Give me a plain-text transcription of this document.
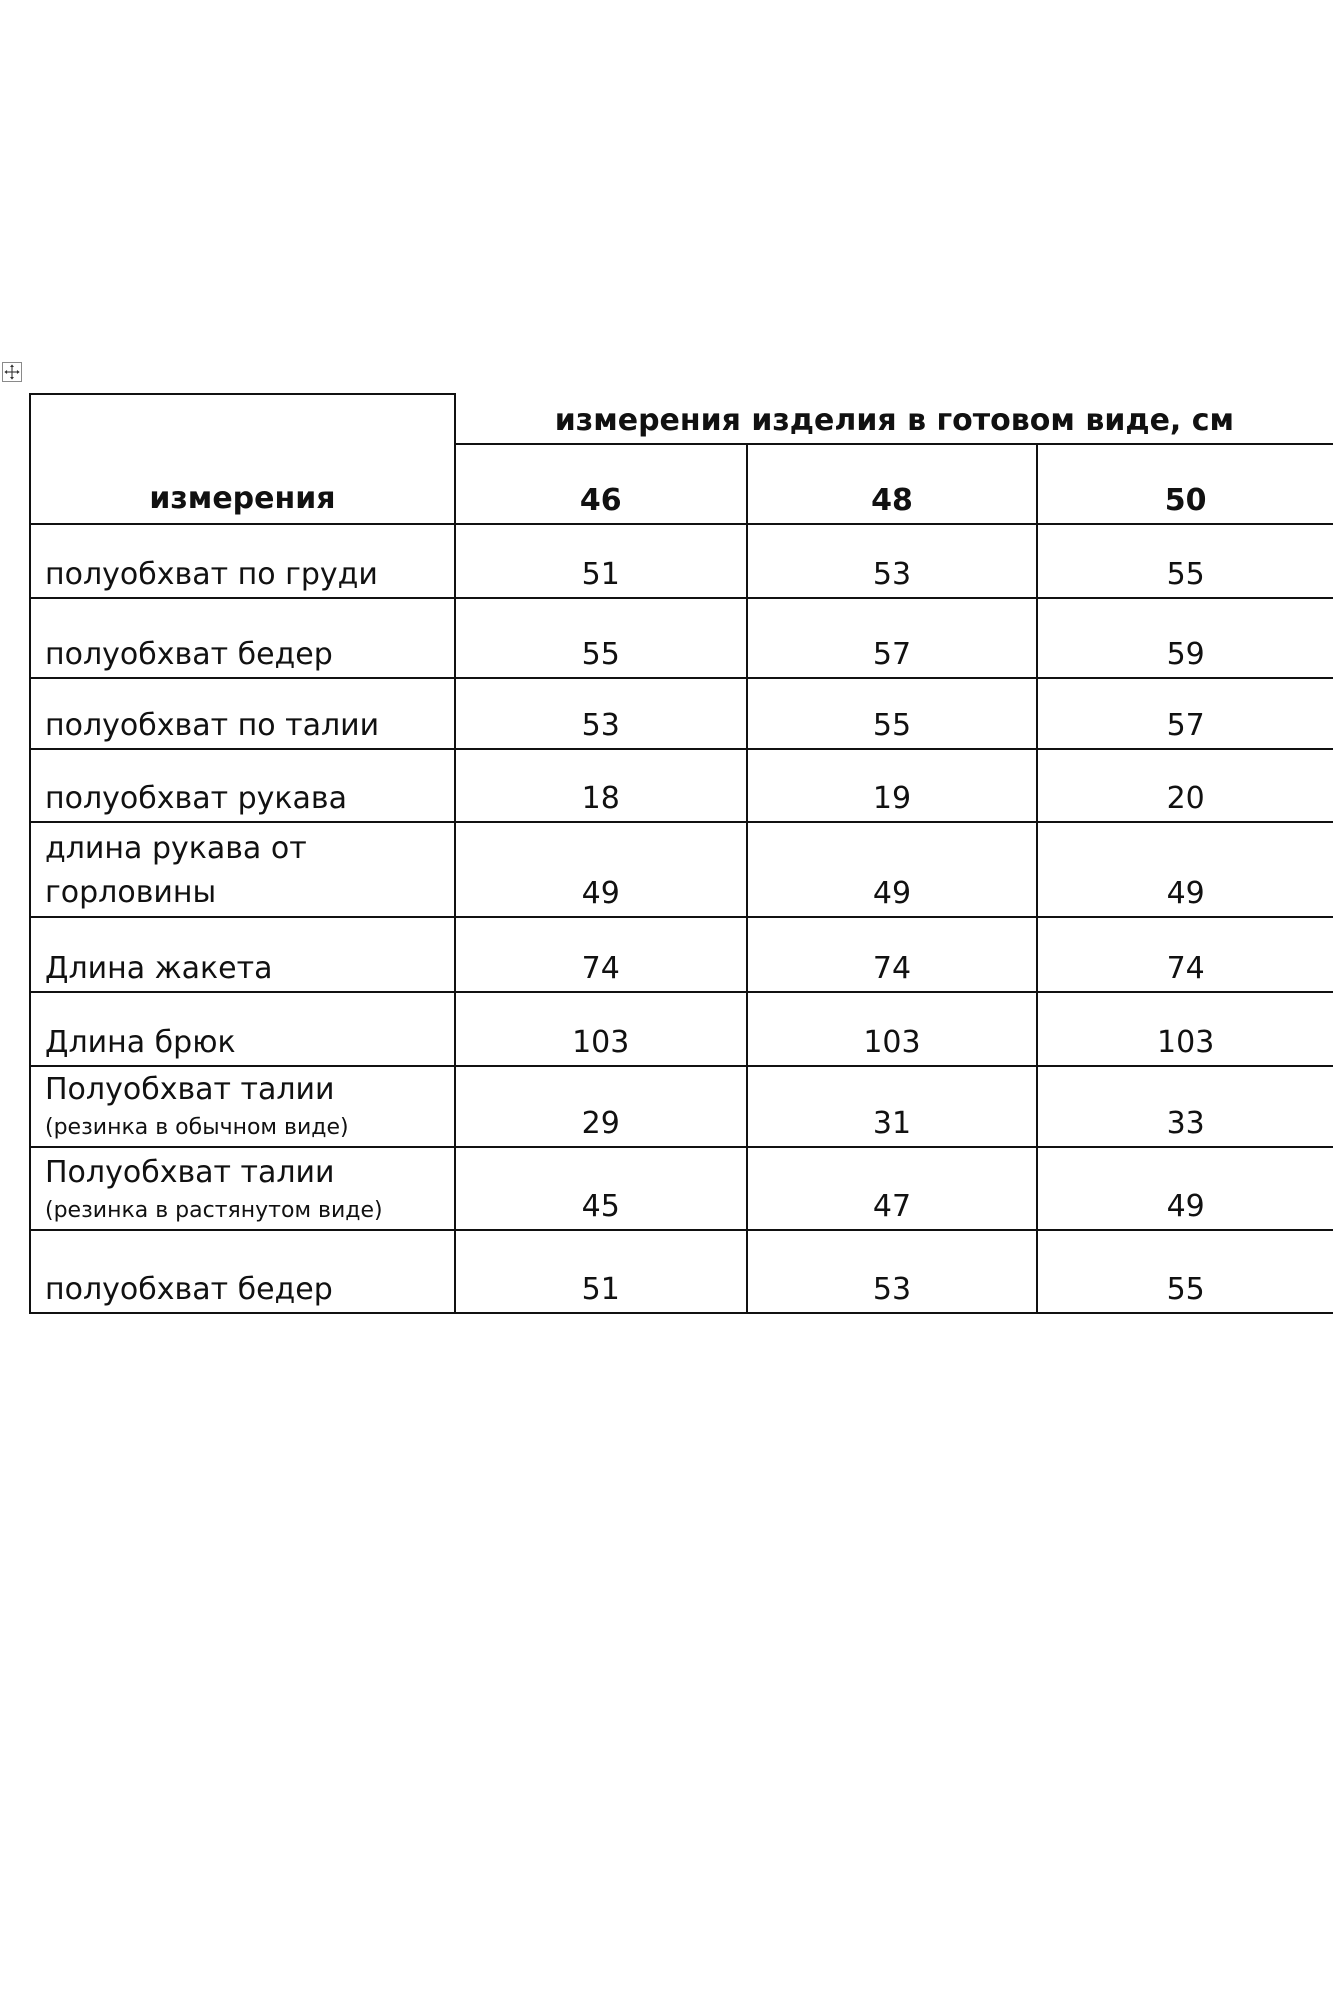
измерения	измерения изделия в готовом виде, см		
	46	48	50
полуобхват по груди	51	53	55
полуобхват бедер	55	57	59
полуобхват по талии	53	55	57
полуобхват рукава	18	19	20
длина рукава от горловины	49	49	49
Длина жакета	74	74	74
Длина брюк	103	103	103

Полуобхват талии
(резинка в обычном виде)	29	31	33

Полуобхват талии
(резинка в растянутом виде)	45	47	49
полуобхват бедер	51	53	55
